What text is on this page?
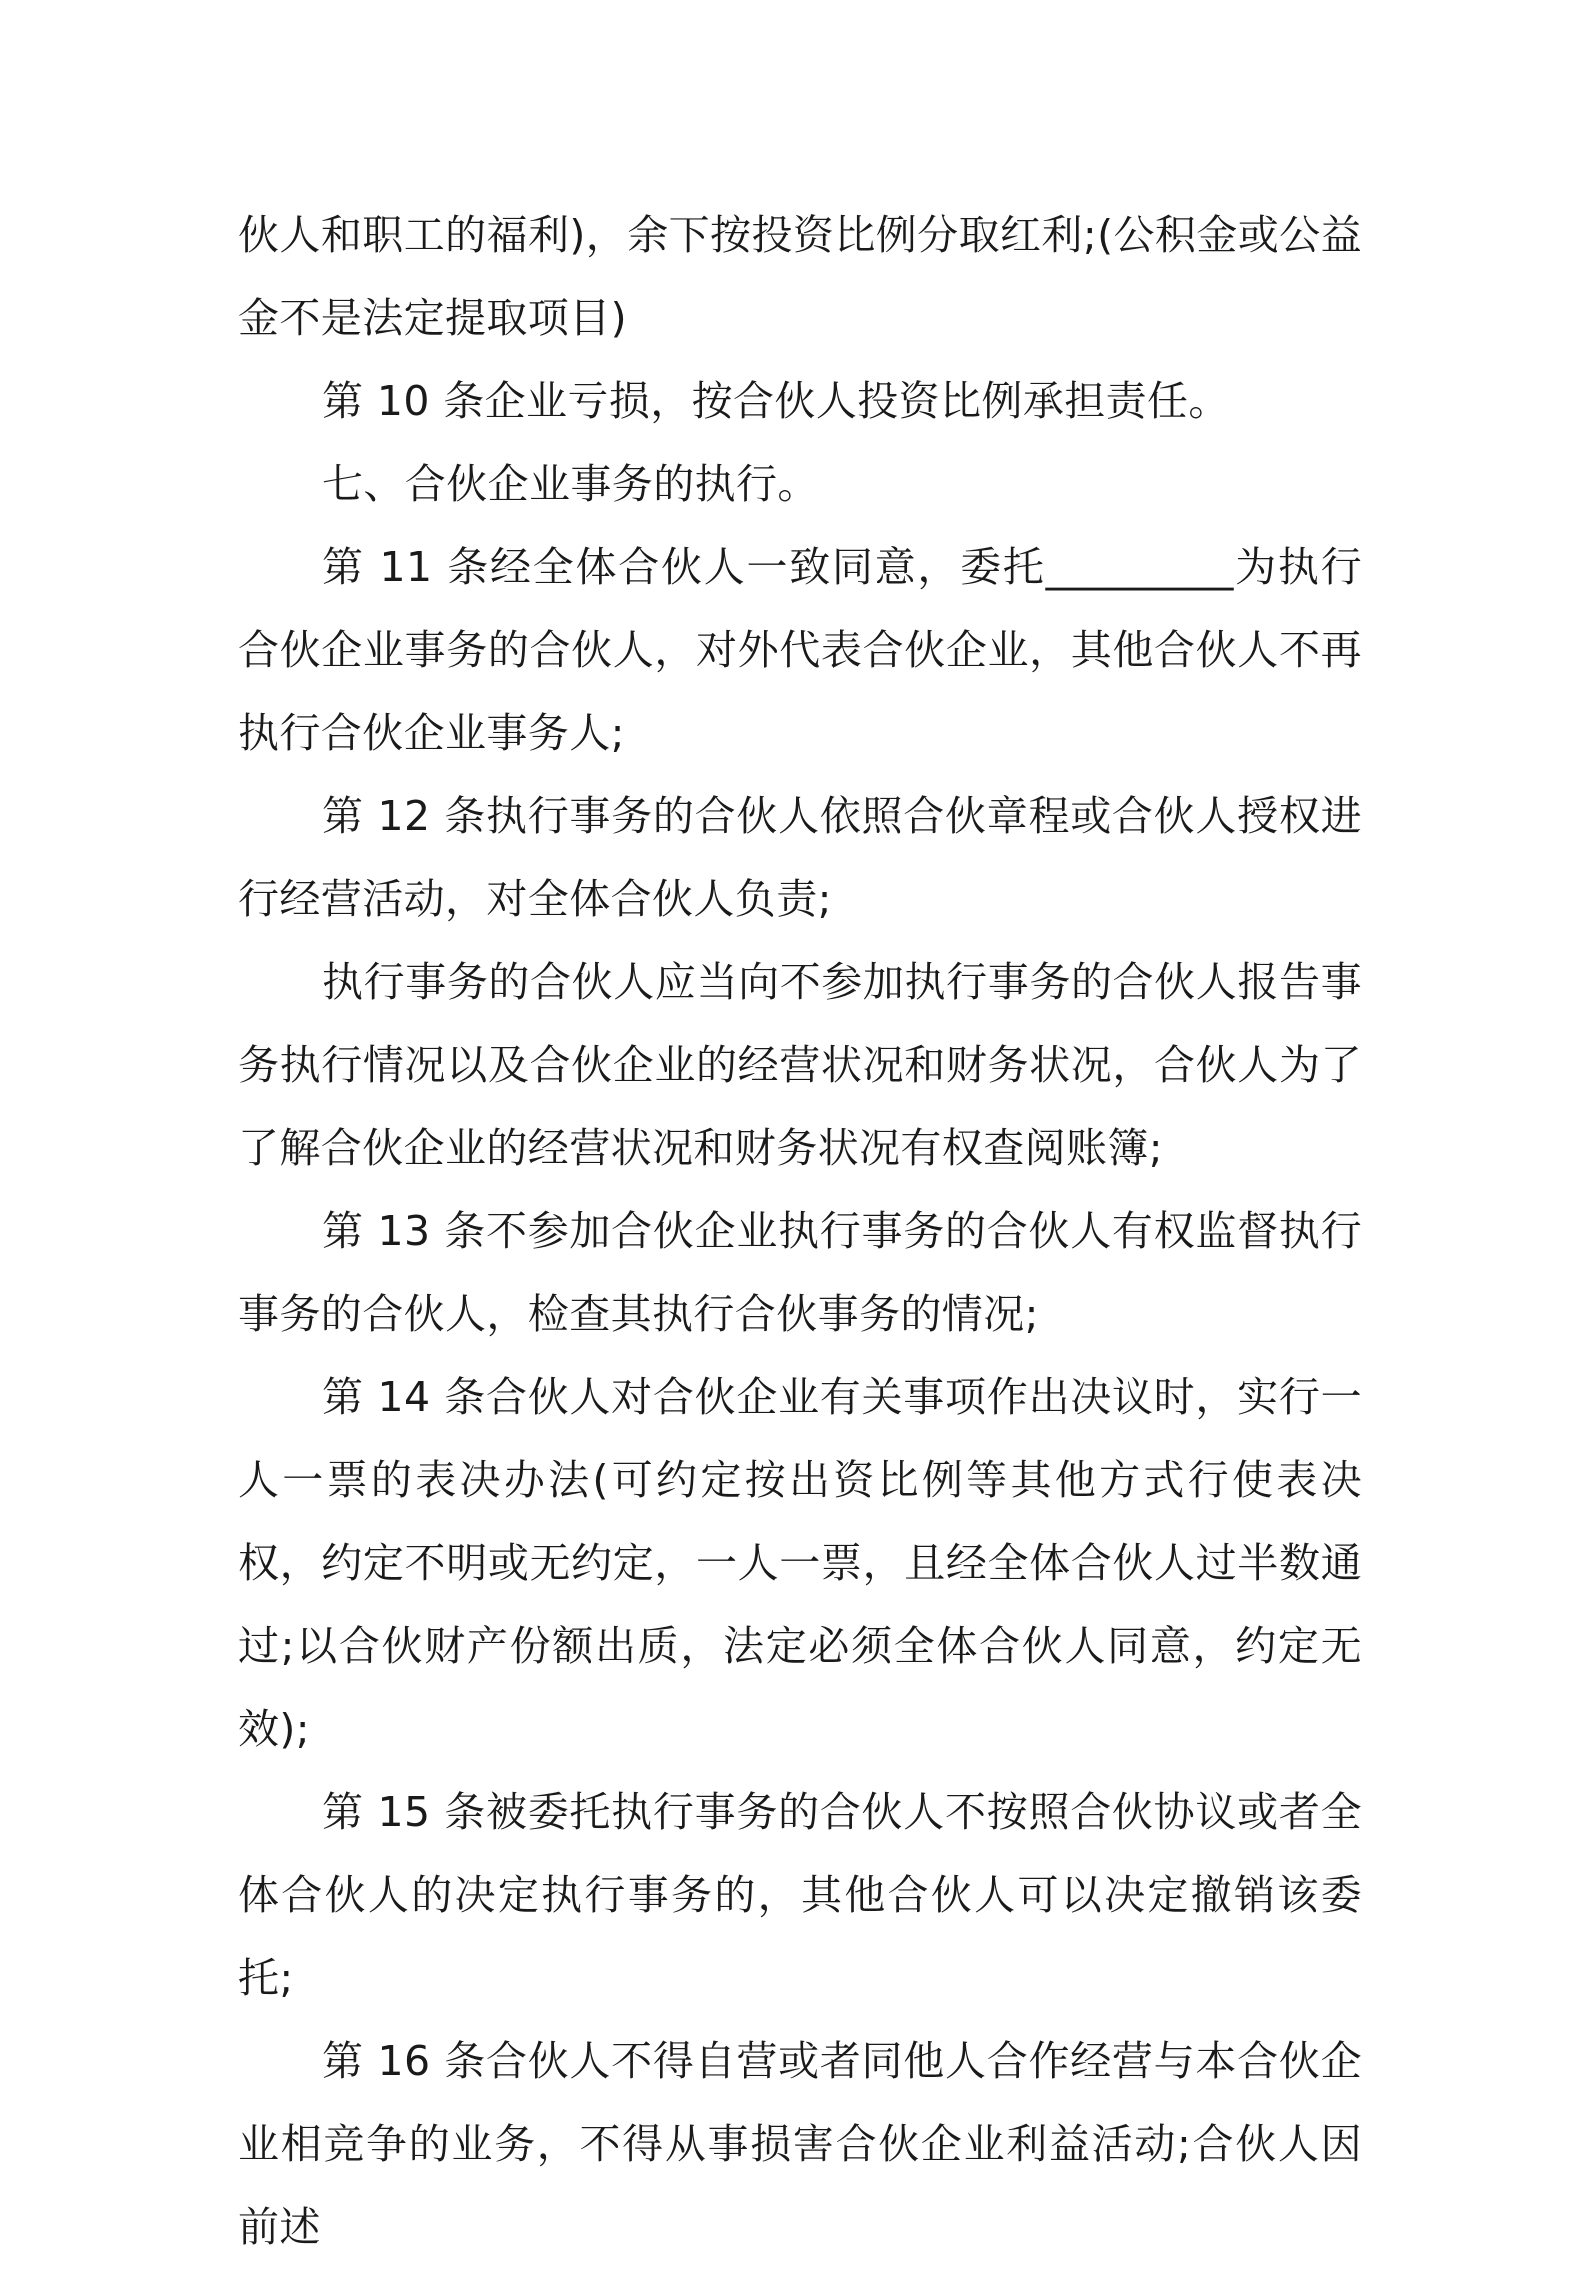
伙人和职工的福利)，余下按投资比例分取红利;(公积金或公益金不是法定提取项目)

第 10 条企业亏损，按合伙人投资比例承担责任。

七、合伙企业事务的执行。

第 11 条经全体合伙人一致同意，委托_________为执行合伙企业事务的合伙人，对外代表合伙企业，其他合伙人不再执行合伙企业事务人;

第 12 条执行事务的合伙人依照合伙章程或合伙人授权进行经营活动，对全体合伙人负责;

执行事务的合伙人应当向不参加执行事务的合伙人报告事务执行情况以及合伙企业的经营状况和财务状况，合伙人为了了解合伙企业的经营状况和财务状况有权查阅账簿;

第 13 条不参加合伙企业执行事务的合伙人有权监督执行事务的合伙人，检查其执行合伙事务的情况;

第 14 条合伙人对合伙企业有关事项作出决议时，实行一人一票的表决办法(可约定按出资比例等其他方式行使表决权，约定不明或无约定，一人一票，且经全体合伙人过半数通过;以合伙财产份额出质，法定必须全体合伙人同意，约定无效);

第 15 条被委托执行事务的合伙人不按照合伙协议或者全体合伙人的决定执行事务的，其他合伙人可以决定撤销该委托;

第 16 条合伙人不得自营或者同他人合作经营与本合伙企业相竞争的业务，不得从事损害合伙企业利益活动;合伙人因前述
